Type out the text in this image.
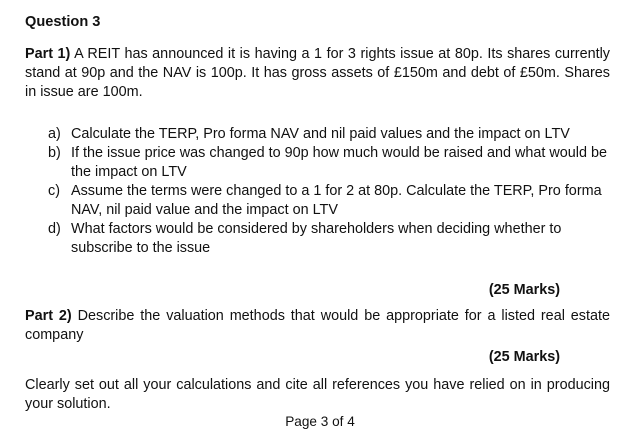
Question 3
Part 1) A REIT has announced it is having a 1 for 3 rights issue at 80p. Its shares currently stand at 90p and the NAV is 100p. It has gross assets of £150m and debt of £50m. Shares in issue are 100m.
a) Calculate the TERP, Pro forma NAV and nil paid values and the impact on LTV
b) If the issue price was changed to 90p how much would be raised and what would be the impact on LTV
c) Assume the terms were changed to a 1 for 2 at 80p. Calculate the TERP, Pro forma NAV, nil paid value and the impact on LTV
d) What factors would be considered by shareholders when deciding whether to subscribe to the issue
(25 Marks)
Part 2) Describe the valuation methods that would be appropriate for a listed real estate company
(25 Marks)
Clearly set out all your calculations and cite all references you have relied on in producing your solution.
Page 3 of 4
